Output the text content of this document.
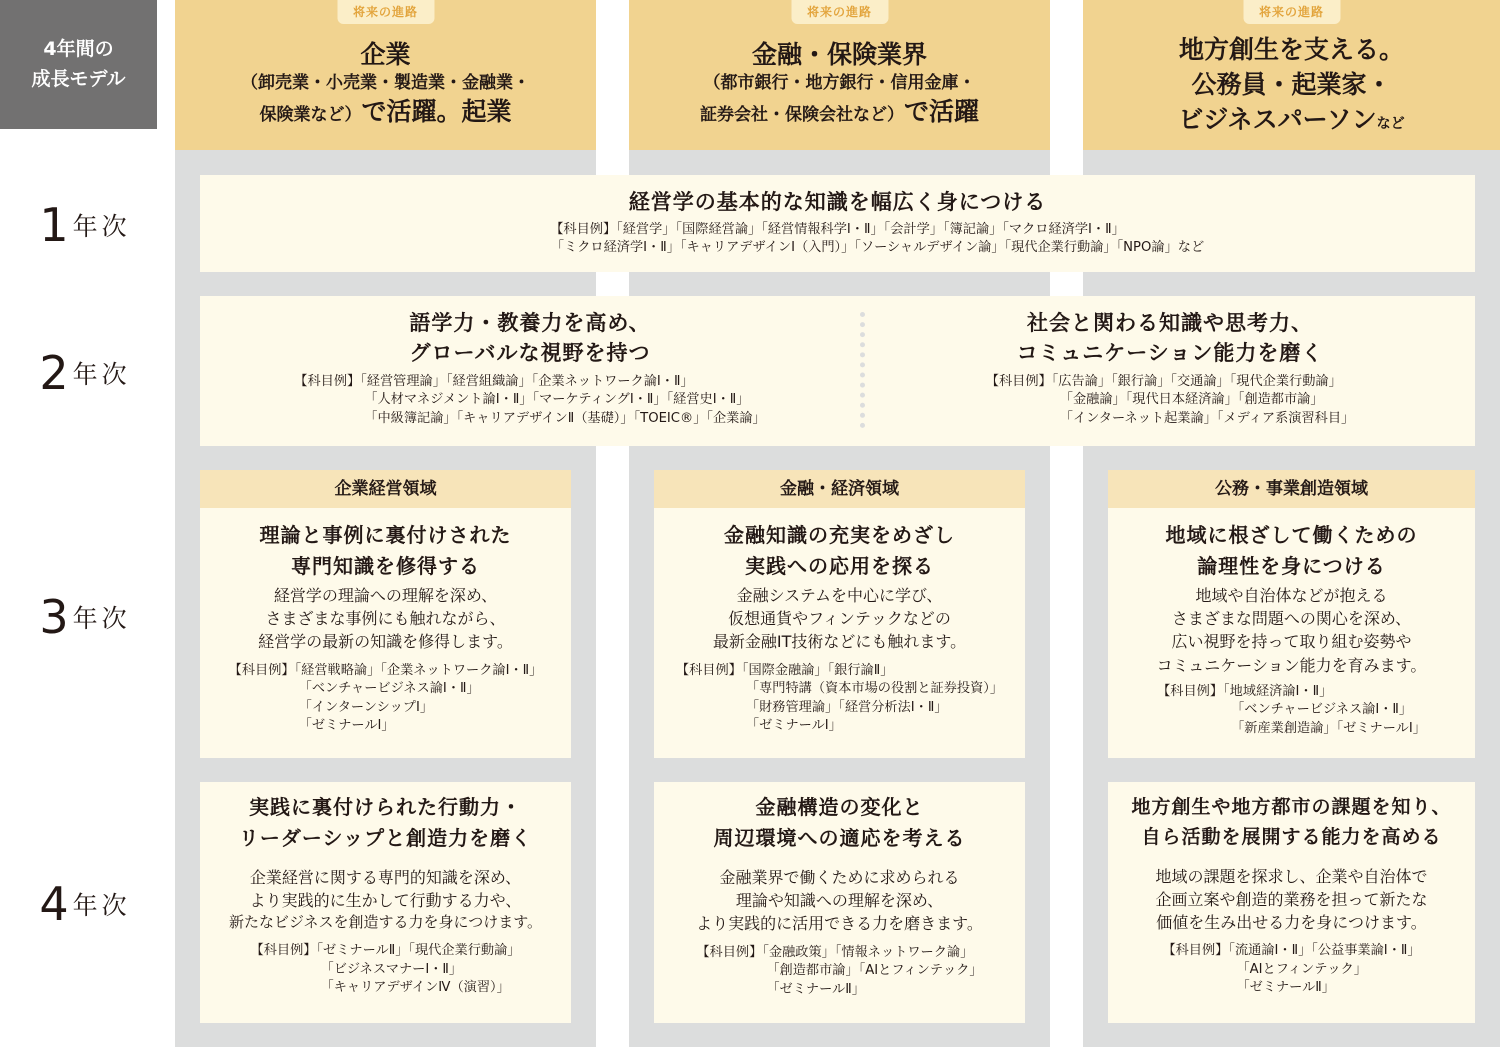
4年間の
成長モデル
将来の進路
企業
（卸売業・小売業・製造業・金融業・
保険業など）で活躍。起業
将来の進路
金融・保険業界
（都市銀行・地方銀行・信用金庫・
証券会社・保険会社など）で活躍
将来の進路
地方創生を支える。
公務員・起業家・
ビジネスパーソンなど
1 年次
2 年次
3 年次
4 年次
経営学の基本的な知識を幅広く身につける
【科目例】「経営学」「国際経営論」「経営情報科学Ⅰ・Ⅱ」「会計学」「簿記論」「マクロ経済学Ⅰ・Ⅱ」
「ミクロ経済学Ⅰ・Ⅱ」「キャリアデザインⅠ（入門）」「ソーシャルデザイン論」「現代企業行動論」「NPO論」など
語学力・教養力を高め、
グローバルな視野を持つ
【科目例】「経営管理論」「経営組織論」「企業ネットワーク論Ⅰ・Ⅱ」
「人材マネジメント論Ⅰ・Ⅱ」「マーケティングⅠ・Ⅱ」「経営史Ⅰ・Ⅱ」
「中級簿記論」「キャリアデザインⅡ（基礎）」「TOEIC®」「企業論」
社会と関わる知識や思考力、
コミュニケーション能力を磨く
【科目例】「広告論」「銀行論」「交通論」「現代企業行動論」
「金融論」「現代日本経済論」「創造都市論」
「インターネット起業論」「メディア系演習科目」
企業経営領域
理論と事例に裏付けされた
専門知識を修得する
経営学の理論への理解を深め、
さまざまな事例にも触れながら、
経営学の最新の知識を修得します。
【科目例】「経営戦略論」「企業ネットワーク論Ⅰ・Ⅱ」
「ベンチャービジネス論Ⅰ・Ⅱ」
「インターンシップⅠ」
「ゼミナールⅠ」
実践に裏付けられた行動力・
リーダーシップと創造力を磨く
企業経営に関する専門的知識を深め、
より実践的に生かして行動する力や、
新たなビジネスを創造する力を身につけます。
【科目例】「ゼミナールⅡ」「現代企業行動論」
「ビジネスマナーⅠ・Ⅱ」
「キャリアデザインⅣ（演習）」
金融・経済領域
金融知識の充実をめざし
実践への応用を探る
金融システムを中心に学び、
仮想通貨やフィンテックなどの
最新金融IT技術などにも触れます。
【科目例】「国際金融論」「銀行論Ⅱ」
「専門特講（資本市場の役割と証券投資）」
「財務管理論」「経営分析法Ⅰ・Ⅱ」
「ゼミナールⅠ」
金融構造の変化と
周辺環境への適応を考える
金融業界で働くために求められる
理論や知識への理解を深め、
より実践的に活用できる力を磨きます。
【科目例】「金融政策」「情報ネットワーク論」
「創造都市論」「AIとフィンテック」
「ゼミナールⅡ」
公務・事業創造領域
地域に根ざして働くための
論理性を身につける
地域や自治体などが抱える
さまざまな問題への関心を深め、
広い視野を持って取り組む姿勢や
コミュニケーション能力を育みます。
【科目例】「地域経済論Ⅰ・Ⅱ」
「ベンチャービジネス論Ⅰ・Ⅱ」
「新産業創造論」「ゼミナールⅠ」
地方創生や地方都市の課題を知り、
自ら活動を展開する能力を高める
地域の課題を探求し、企業や自治体で
企画立案や創造的業務を担って新たな
価値を生み出せる力を身につけます。
【科目例】「流通論Ⅰ・Ⅱ」「公益事業論Ⅰ・Ⅱ」
「AIとフィンテック」
「ゼミナールⅡ」
